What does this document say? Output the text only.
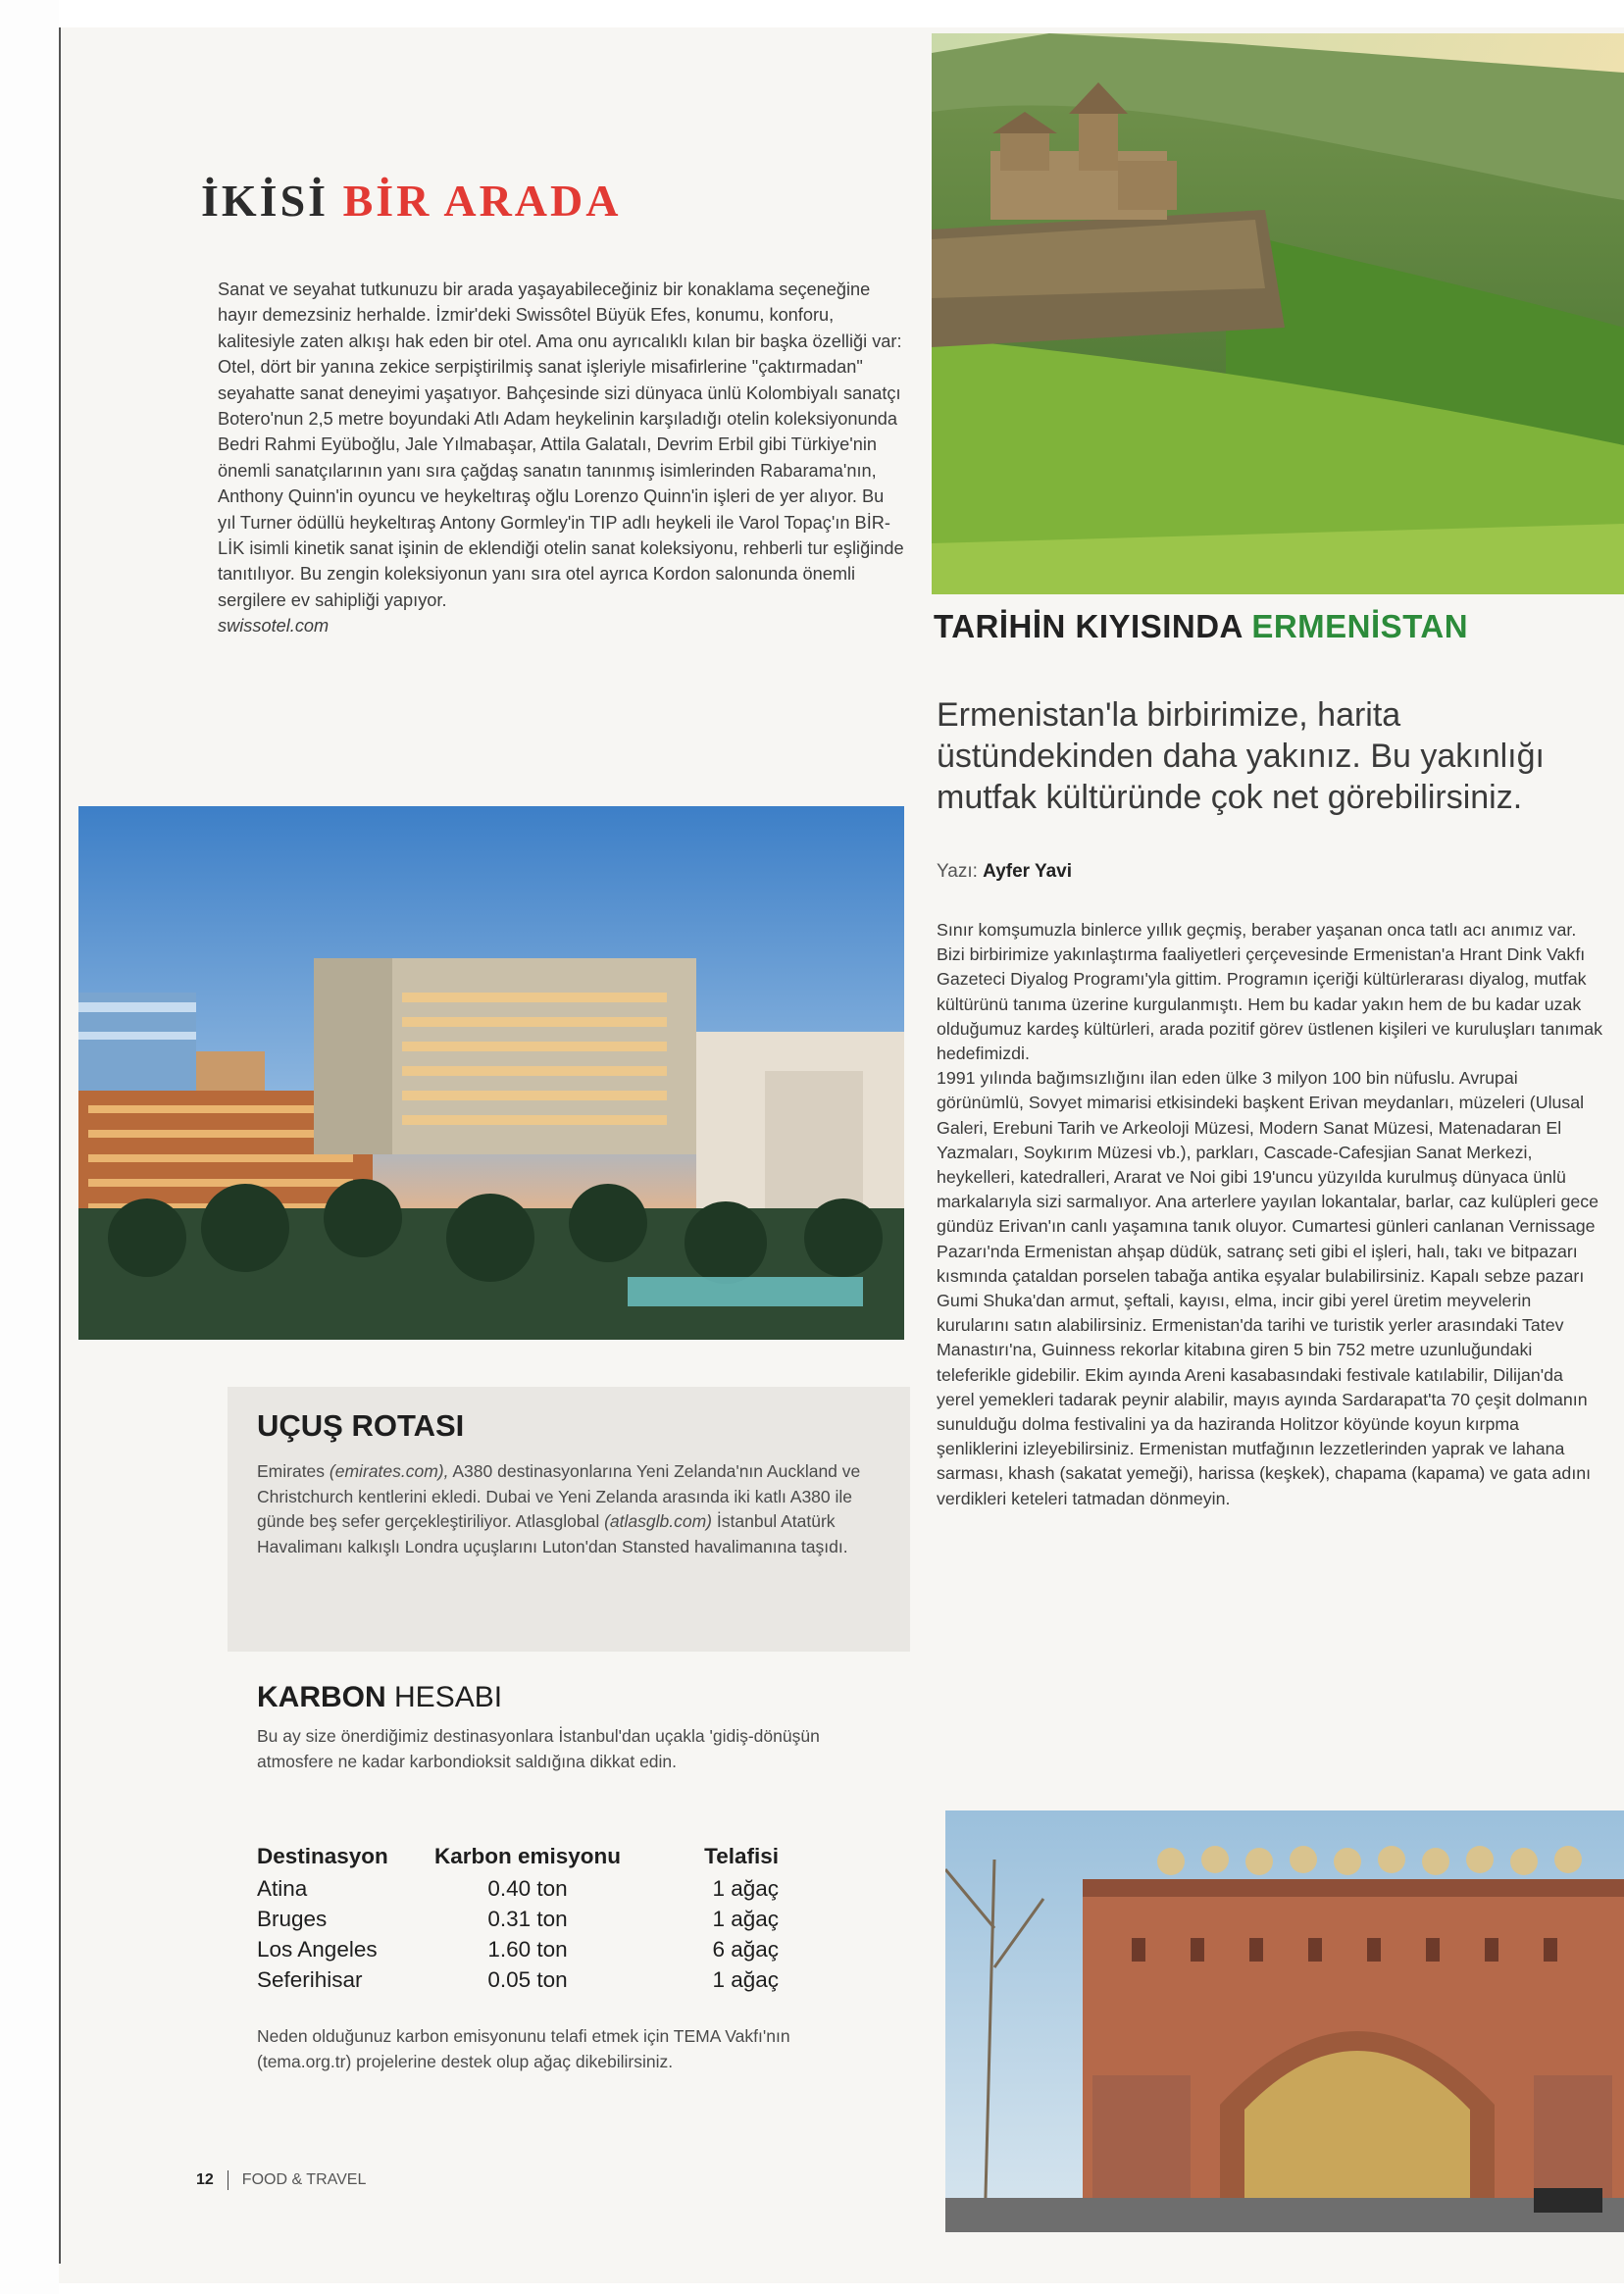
İKİSİ BİR ARADA
Sanat ve seyahat tutkunuzu bir arada yaşayabileceğiniz bir konaklama seçeneğine hayır demezsiniz herhalde. İzmir'deki Swissôtel Büyük Efes, konumu, konforu, kalitesiyle zaten alkışı hak eden bir otel. Ama onu ayrıcalıklı kılan bir başka özelliği var: Otel, dört bir yanına zekice serpiştirilmiş sanat işleriyle misafirlerine "çaktırmadan" seyahatte sanat deneyimi yaşatıyor. Bahçesinde sizi dünyaca ünlü Kolombiyalı sanatçı Botero'nun 2,5 metre boyundaki Atlı Adam heykelinin karşıladığı otelin koleksiyonunda Bedri Rahmi Eyüboğlu, Jale Yılmabaşar, Attila Galatalı, Devrim Erbil gibi Türkiye'nin önemli sanatçılarının yanı sıra çağdaş sanatın tanınmış isimlerinden Rabarama'nın, Anthony Quinn'in oyuncu ve heykeltıraş oğlu Lorenzo Quinn'in işleri de yer alıyor. Bu yıl Turner ödüllü heykeltıraş Antony Gormley'in TIP adlı heykeli ile Varol Topaç'ın BİR-LİK isimli kinetik sanat işinin de eklendiği otelin sanat koleksiyonu, rehberli tur eşliğinde tanıtılıyor. Bu zengin koleksiyonun yanı sıra otel ayrıca Kordon salonunda önemli sergilere ev sahipliği yapıyor.
swissotel.com
UÇUŞ ROTASI
Emirates (emirates.com), A380 destinasyonlarına Yeni Zelanda'nın Auckland ve Christchurch kentlerini ekledi. Dubai ve Yeni Zelanda arasında iki katlı A380 ile günde beş sefer gerçekleştiriliyor. Atlasglobal (atlasglb.com) İstanbul Atatürk Havalimanı kalkışlı Londra uçuşlarını Luton'dan Stansted havalimanına taşıdı.
KARBON HESABI
Bu ay size önerdiğimiz destinasyonlara İstanbul'dan uçakla 'gidiş-dönüşün atmosfere ne kadar karbondioksit saldığına dikkat edin.
Destinasyon	Karbon emisyonu	Telafisi
Atina	0.40 ton	1 ağaç
Bruges	0.31 ton	1 ağaç
Los Angeles	1.60 ton	6 ağaç
Seferihisar	0.05 ton	1 ağaç
Neden olduğunuz karbon emisyonunu telafi etmek için TEMA Vakfı'nın (tema.org.tr) projelerine destek olup ağaç dikebilirsiniz.
12 FOOD & TRAVEL
TARİHİN KIYISINDA ERMENİSTAN
Ermenistan'la birbirimize, harita üstündekinden daha yakınız. Bu yakınlığı mutfak kültüründe çok net görebilirsiniz.
Yazı: Ayfer Yavi
Sınır komşumuzla binlerce yıllık geçmiş, beraber yaşanan onca tatlı acı anımız var. Bizi birbirimize yakınlaştırma faaliyetleri çerçevesinde Ermenistan'a Hrant Dink Vakfı Gazeteci Diyalog Programı'yla gittim. Programın içeriği kültürlerarası diyalog, mutfak kültürünü tanıma üzerine kurgulanmıştı. Hem bu kadar yakın hem de bu kadar uzak olduğumuz kardeş kültürleri, arada pozitif görev üstlenen kişileri ve kuruluşları tanımak hedefimizdi.
1991 yılında bağımsızlığını ilan eden ülke 3 milyon 100 bin nüfuslu. Avrupai görünümlü, Sovyet mimarisi etkisindeki başkent Erivan meydanları, müzeleri (Ulusal Galeri, Erebuni Tarih ve Arkeoloji Müzesi, Modern Sanat Müzesi, Matenadaran El Yazmaları, Soykırım Müzesi vb.), parkları, Cascade-Cafesjian Sanat Merkezi, heykelleri, katedralleri, Ararat ve Noi gibi 19'uncu yüzyılda kurulmuş dünyaca ünlü markalarıyla sizi sarmalıyor. Ana arterlere yayılan lokantalar, barlar, caz kulüpleri gece gündüz Erivan'ın canlı yaşamına tanık oluyor. Cumartesi günleri canlanan Vernissage Pazarı'nda Ermenistan ahşap düdük, satranç seti gibi el işleri, halı, takı ve bitpazarı kısmında çataldan porselen tabağa antika eşyalar bulabilirsiniz. Kapalı sebze pazarı Gumi Shuka'dan armut, şeftali, kayısı, elma, incir gibi yerel üretim meyvelerin kurularını satın alabilirsiniz. Ermenistan'da tarihi ve turistik yerler arasındaki Tatev Manastırı'na, Guinness rekorlar kitabına giren 5 bin 752 metre uzunluğundaki teleferikle gidebilir. Ekim ayında Areni kasabasındaki festivale katılabilir, Dilijan'da yerel yemekleri tadarak peynir alabilir, mayıs ayında Sardarapat'ta 70 çeşit dolmanın sunulduğu dolma festivalini ya da haziranda Holitzor köyünde koyun kırpma şenliklerini izleyebilirsiniz. Ermenistan mutfağının lezzetlerinden yaprak ve lahana sarması, khash (sakatat yemeği), harissa (keşkek), chapama (kapama) ve gata adını verdikleri keteleri tatmadan dönmeyin.
